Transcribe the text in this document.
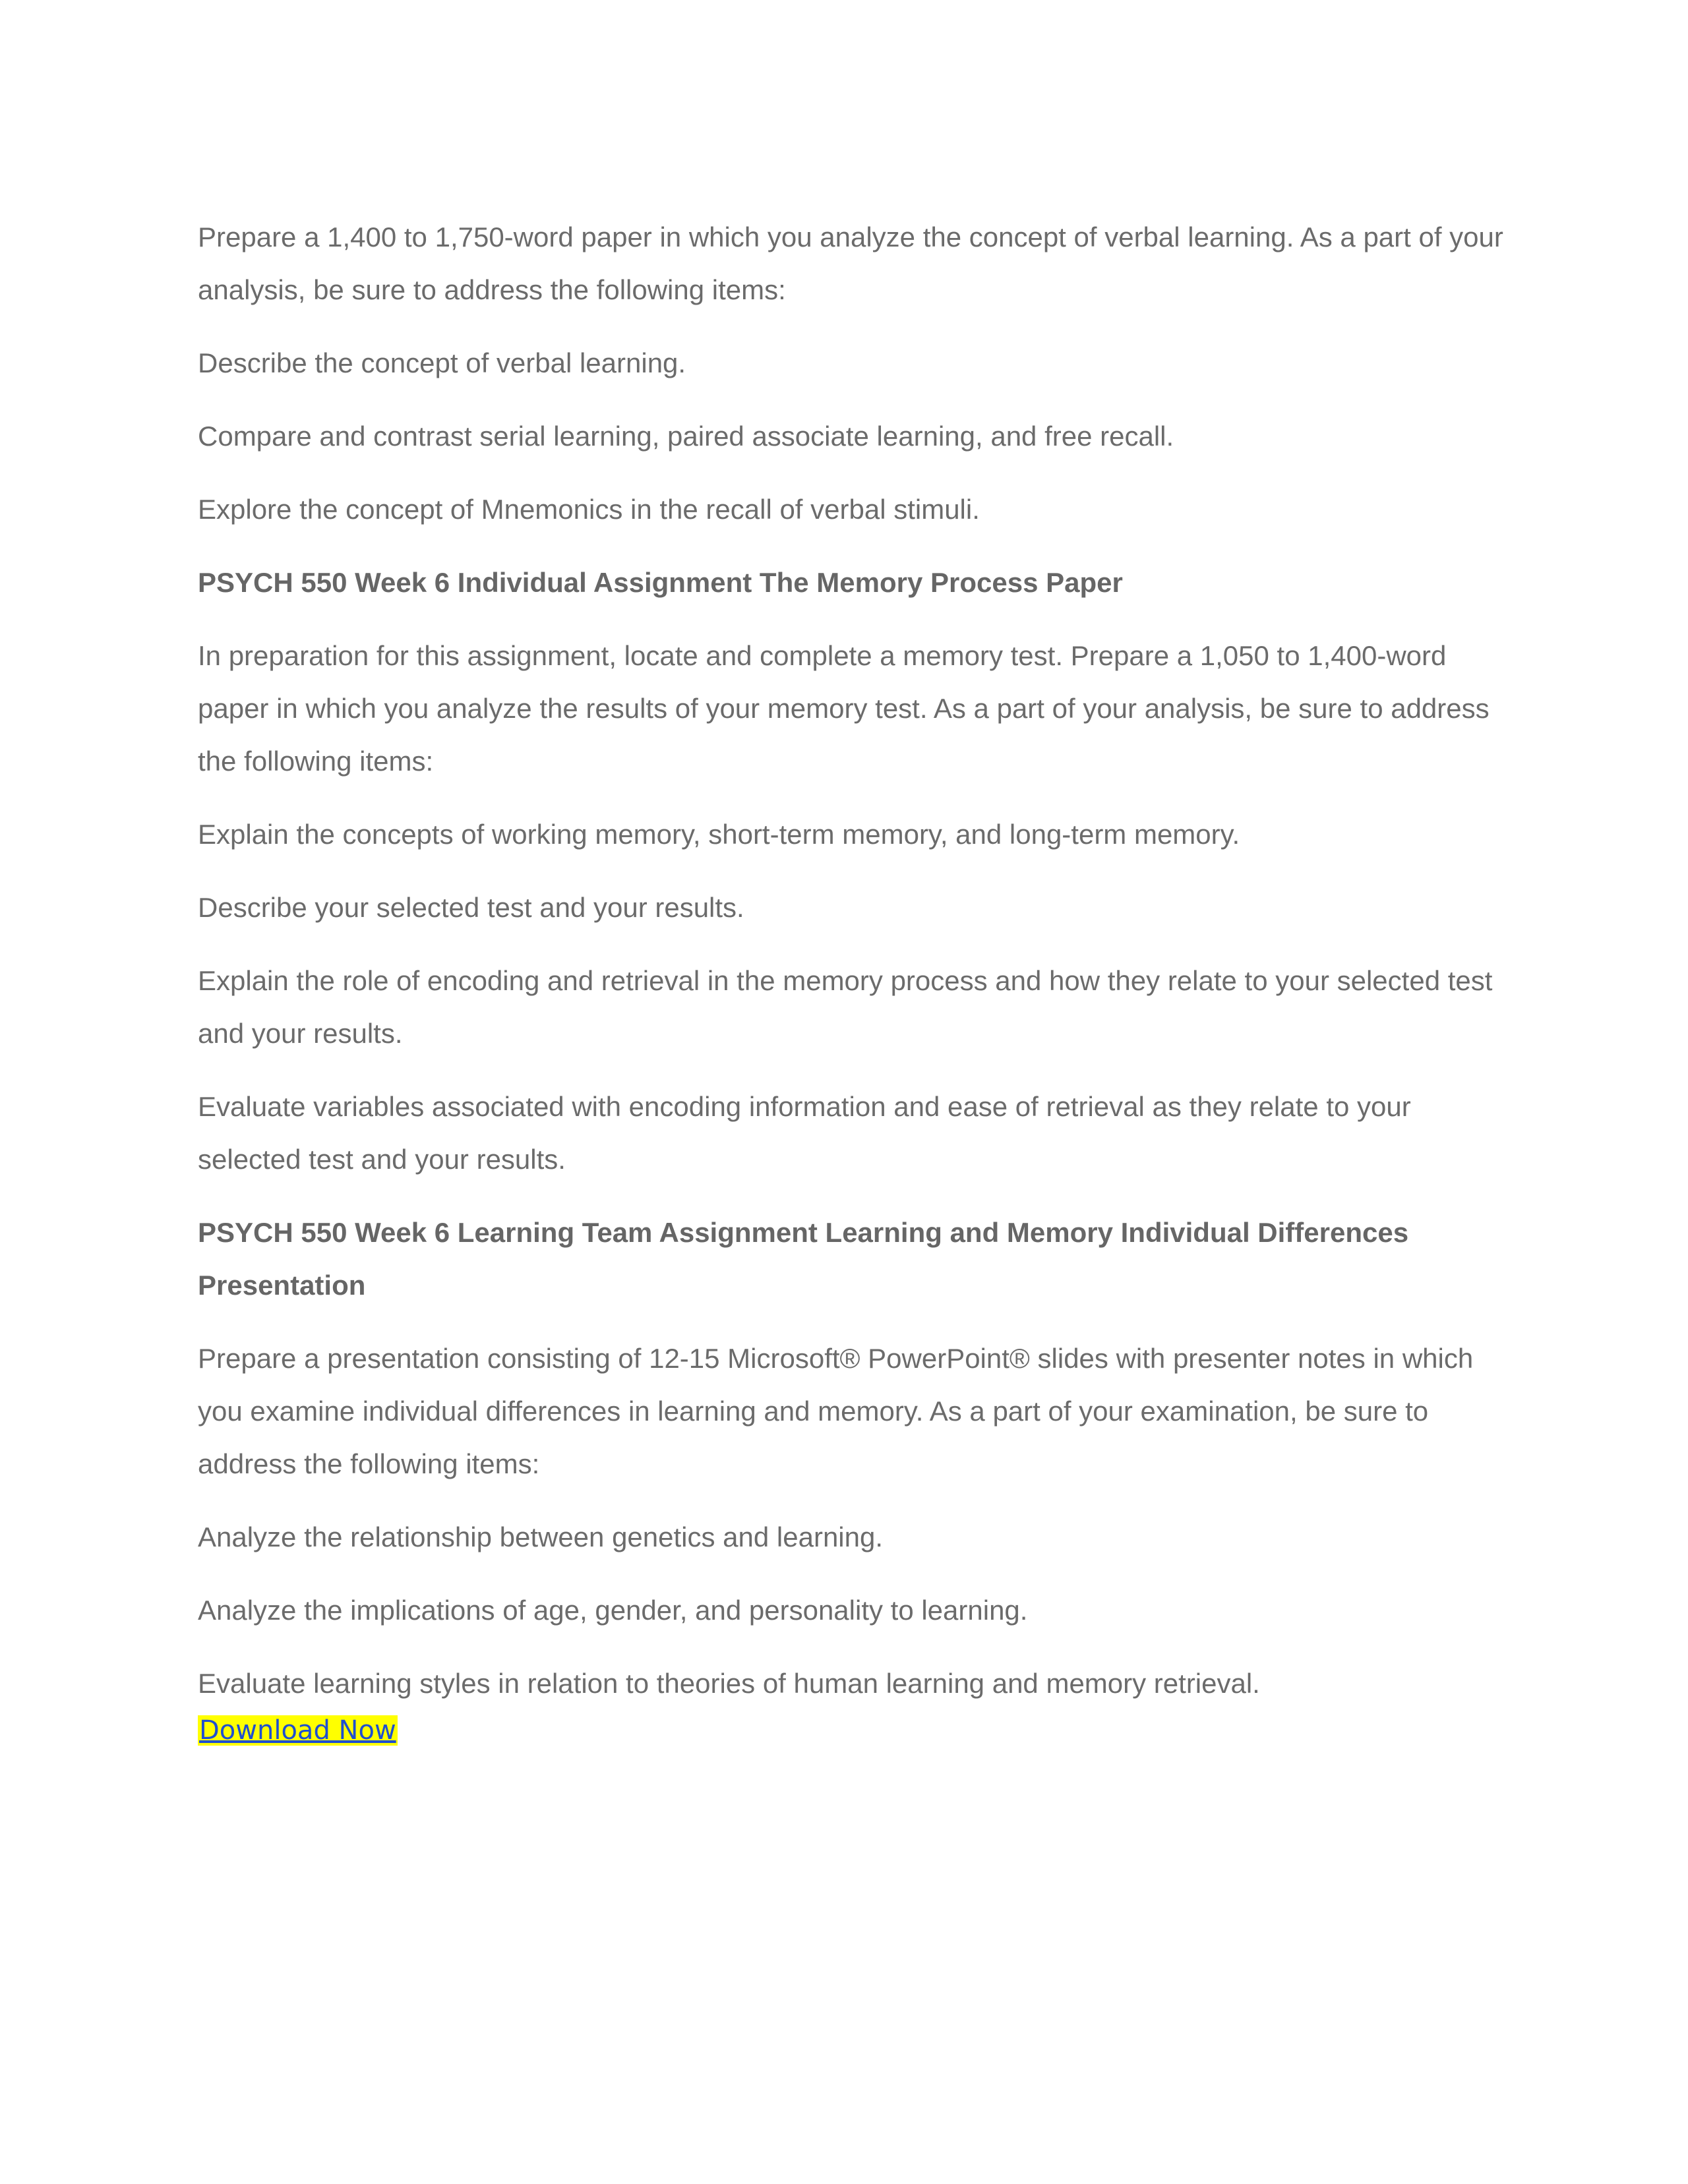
Prepare a 1,400 to 1,750-word paper in which you analyze the concept of verbal learning. As a part of your analysis, be sure to address the following items:

Describe the concept of verbal learning.

Compare and contrast serial learning, paired associate learning, and free recall.

Explore the concept of Mnemonics in the recall of verbal stimuli.

PSYCH 550 Week 6 Individual Assignment The Memory Process Paper

In preparation for this assignment, locate and complete a memory test. Prepare a 1,050 to 1,400-word paper in which you analyze the results of your memory test. As a part of your analysis, be sure to address the following items:

Explain the concepts of working memory, short-term memory, and long-term memory.

Describe your selected test and your results.

Explain the role of encoding and retrieval in the memory process and how they relate to your selected test and your results.

Evaluate variables associated with encoding information and ease of retrieval as they relate to your selected test and your results.

PSYCH 550 Week 6 Learning Team Assignment Learning and Memory Individual Differences Presentation

Prepare a presentation consisting of 12-15 Microsoft® PowerPoint® slides with presenter notes in which you examine individual differences in learning and memory. As a part of your examination, be sure to address the following items:

Analyze the relationship between genetics and learning.

Analyze the implications of age, gender, and personality to learning.

Evaluate learning styles in relation to theories of human learning and memory retrieval.

Download Now
